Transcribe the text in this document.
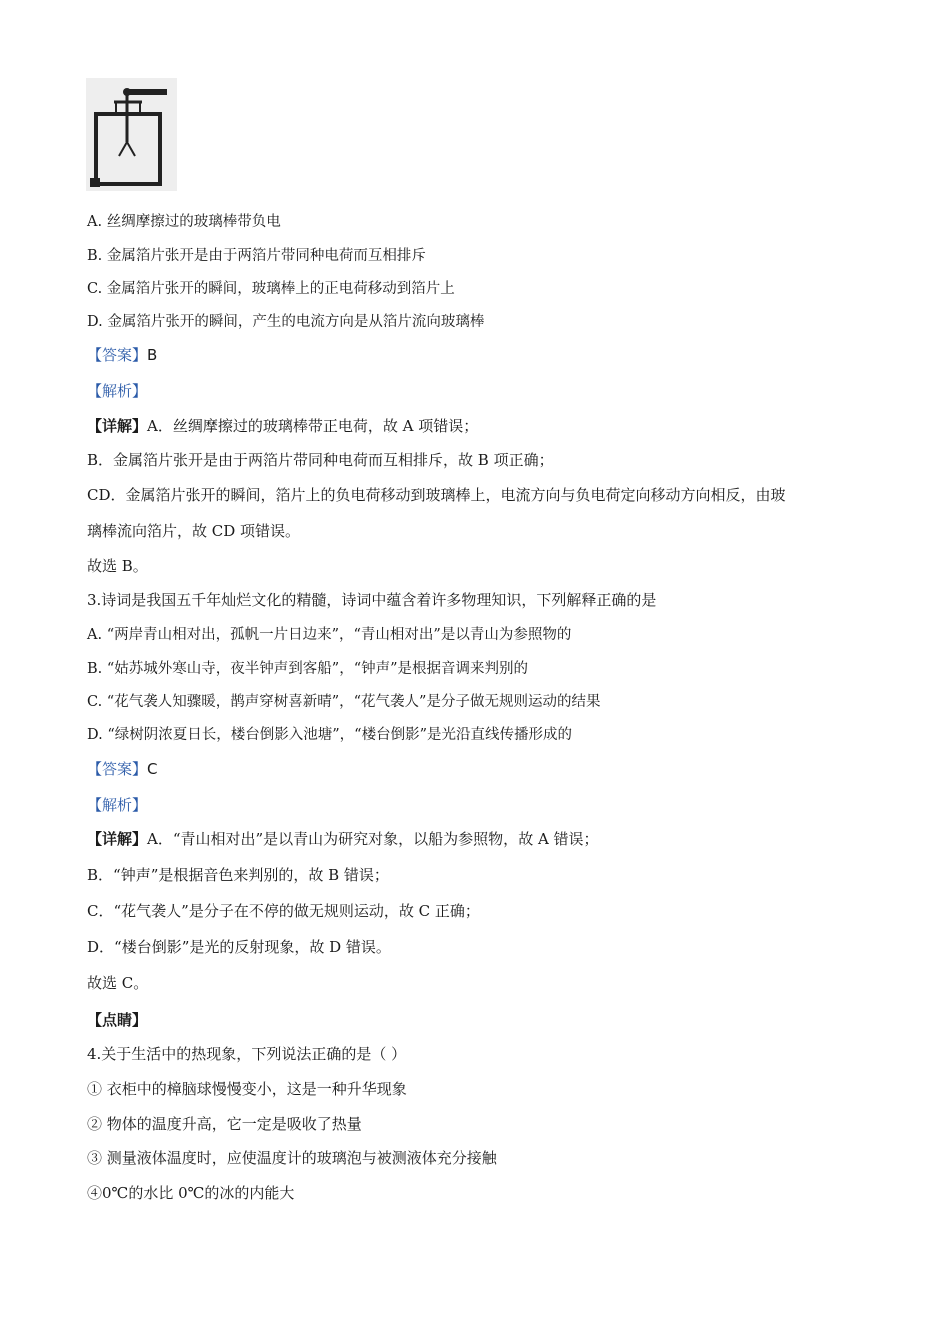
A. 丝绸摩擦过的玻璃棒带负电
B. 金属箔片张开是由于两箔片带同种电荷而互相排斥
C. 金属箔片张开的瞬间，玻璃棒上的正电荷移动到箔片上
D. 金属箔片张开的瞬间，产生的电流方向是从箔片流向玻璃棒
【答案】B
【解析】
【详解】A．丝绸摩擦过的玻璃棒带正电荷，故 A 项错误；
B．金属箔片张开是由于两箔片带同种电荷而互相排斥，故 B 项正确；
CD．金属箔片张开的瞬间，箔片上的负电荷移动到玻璃棒上，电流方向与负电荷定向移动方向相反，由玻
璃棒流向箔片，故 CD 项错误。
故选 B。
3.诗词是我国五千年灿烂文化的精髓，诗词中蕴含着许多物理知识，下列解释正确的是
A. “两岸青山相对出，孤帆一片日边来”，“青山相对出”是以青山为参照物的
B. “姑苏城外寒山寺，夜半钟声到客船”，“钟声”是根据音调来判别的
C. “花气袭人知骤暖，鹊声穿树喜新晴”，“花气袭人”是分子做无规则运动的结果
D. “绿树阴浓夏日长，楼台倒影入池塘”，“楼台倒影”是光沿直线传播形成的
【答案】C
【解析】
【详解】A．“青山相对出”是以青山为研究对象，以船为参照物，故 A 错误；
B．“钟声”是根据音色来判别的，故 B 错误；
C．“花气袭人”是分子在不停的做无规则运动，故 C 正确；
D．“楼台倒影”是光的反射现象，故 D 错误。
故选 C。
【点睛】
4.关于生活中的热现象，下列说法正确的是（ ）
① 衣柜中的樟脑球慢慢变小，这是一种升华现象
② 物体的温度升高，它一定是吸收了热量
③ 测量液体温度时，应使温度计的玻璃泡与被测液体充分接触
④0℃的水比 0℃的冰的内能大
